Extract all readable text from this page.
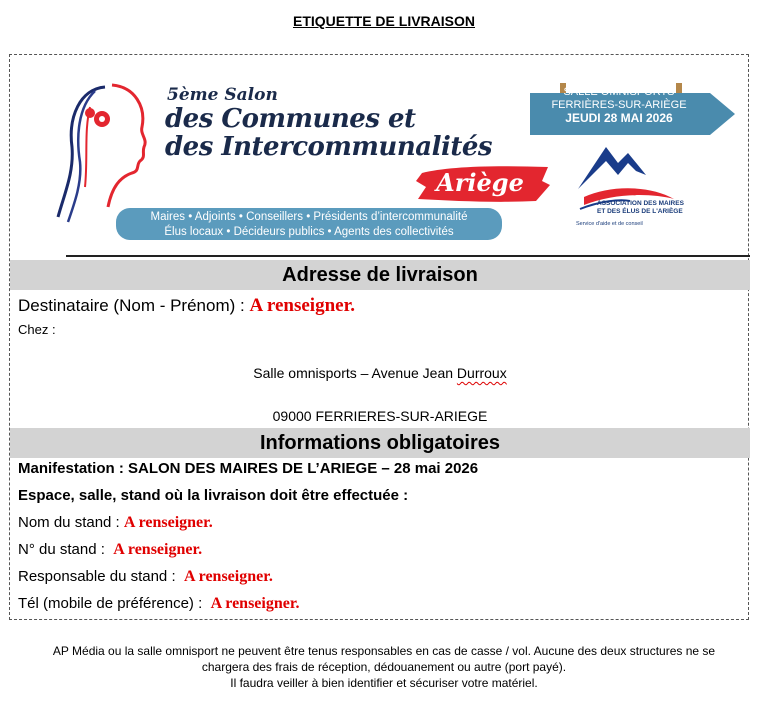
ETIQUETTE DE LIVRAISON
5ème Salon
des Communes et
des Intercommunalités
Ariège
Maires • Adjoints • Conseillers • Présidents d’intercommunalité
Élus locaux • Décideurs publics • Agents des collectivités
SALLE OMNISPORTS
FERRIÈRES-SUR-ARIÈGE
JEUDI 28 MAI 2026
ASSOCIATION DES MAIRES ET DES ÉLUS DE L'ARIÈGE
Service d'aide et de conseil
Adresse de livraison
Destinataire (Nom - Prénom) : A renseigner.
Chez :
Salle omnisports – Avenue Jean Durroux
09000 FERRIERES-SUR-ARIEGE
Informations obligatoires
Manifestation : SALON DES MAIRES DE L’ARIEGE – 28 mai 2026
Espace, salle, stand où la livraison doit être effectuée :
Nom du stand : A renseigner.
N° du stand :  A renseigner.
Responsable du stand :  A renseigner.
Tél (mobile de préférence) :  A renseigner.
AP Média ou la salle omnisport ne peuvent être tenus responsables en cas de casse / vol. Aucune des deux structures ne se
chargera des frais de réception, dédouanement ou autre (port payé).
Il faudra veiller à bien identifier et sécuriser votre matériel.
